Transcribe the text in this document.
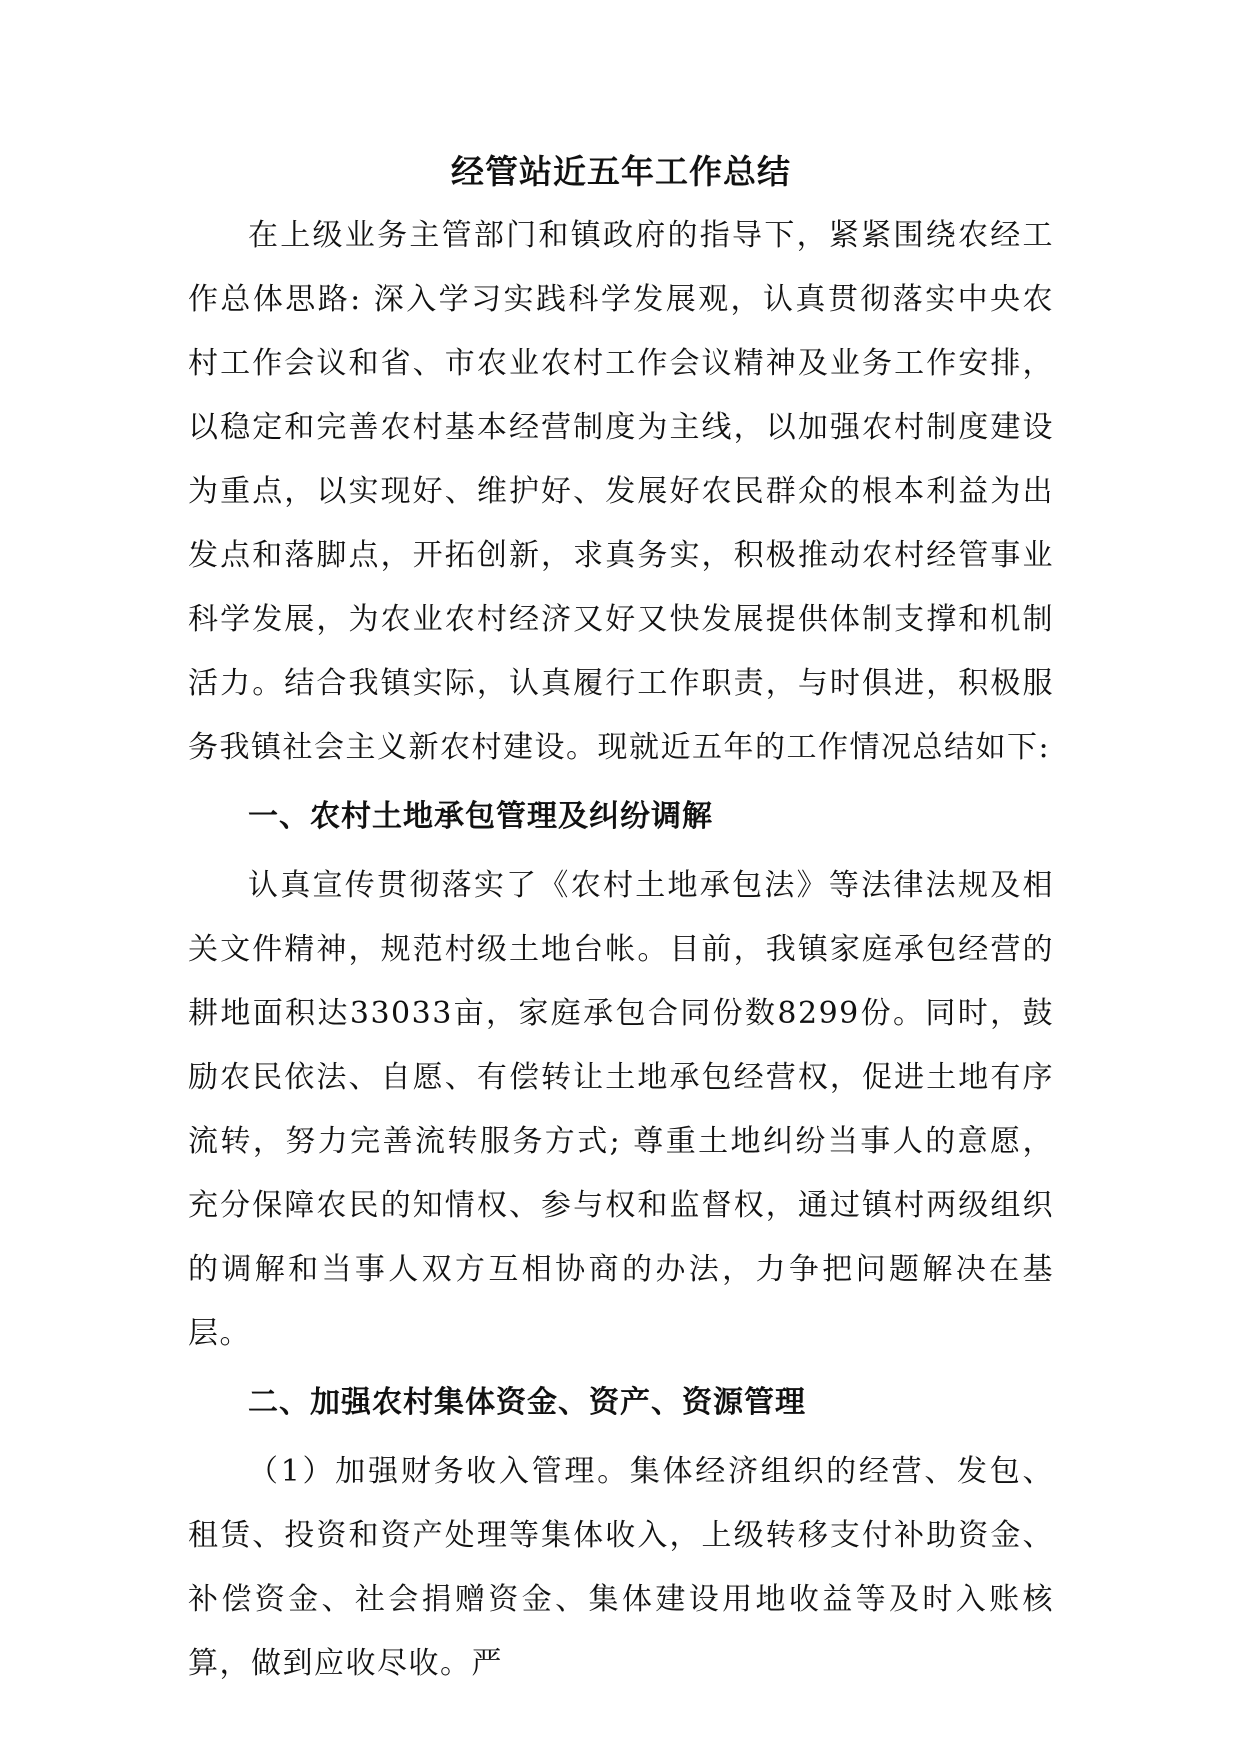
经管站近五年工作总结

在上级业务主管部门和镇政府的指导下，紧紧围绕农经工作总体思路: 深入学习实践科学发展观，认真贯彻落实中央农村工作会议和省、市农业农村工作会议精神及业务工作安排，以稳定和完善农村基本经营制度为主线，以加强农村制度建设为重点，以实现好、维护好、发展好农民群众的根本利益为出发点和落脚点，开拓创新，求真务实，积极推动农村经管事业科学发展，为农业农村经济又好又快发展提供体制支撑和机制活力。结合我镇实际，认真履行工作职责，与时俱进，积极服务我镇社会主义新农村建设。现就近五年的工作情况总结如下:

一、农村土地承包管理及纠纷调解

认真宣传贯彻落实了《农村土地承包法》等法律法规及相关文件精神，规范村级土地台帐。目前，我镇家庭承包经营的耕地面积达33033亩，家庭承包合同份数8299份。同时，鼓励农民依法、自愿、有偿转让土地承包经营权，促进土地有序流转，努力完善流转服务方式; 尊重土地纠纷当事人的意愿，充分保障农民的知情权、参与权和监督权，通过镇村两级组织的调解和当事人双方互相协商的办法，力争把问题解决在基层。

二、加强农村集体资金、资产、资源管理

（1）加强财务收入管理。集体经济组织的经营、发包、租赁、投资和资产处理等集体收入，上级转移支付补助资金、补偿资金、社会捐赠资金、集体建设用地收益等及时入账核算，做到应收尽收。严
